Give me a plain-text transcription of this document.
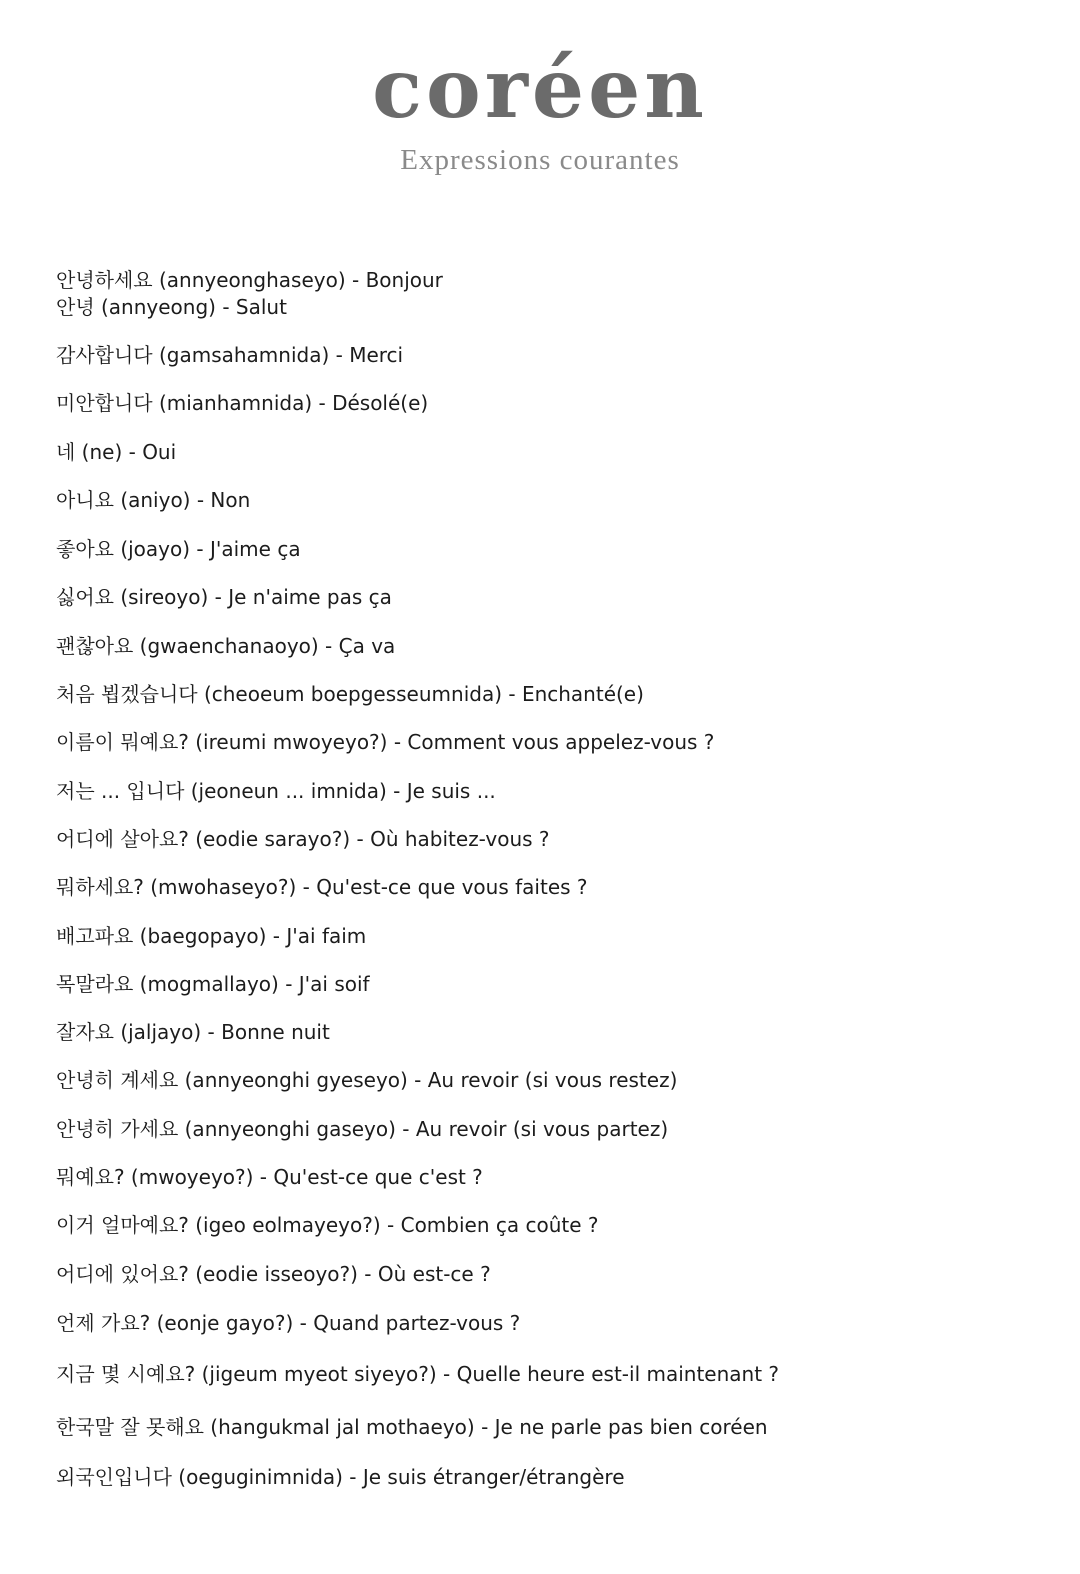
coréen
Expressions courantes
안녕하세요 (annyeonghaseyo) - Bonjour
안녕 (annyeong) - Salut
감사합니다 (gamsahamnida) - Merci
미안합니다 (mianhamnida) - Désolé(e)
네 (ne) - Oui
아니요 (aniyo) - Non
좋아요 (joayo) - J'aime ça
싫어요 (sireoyo) - Je n'aime pas ça
괜찮아요 (gwaenchanaoyo) - Ça va
처음 뵙겠습니다 (cheoeum boepgesseumnida) - Enchanté(e)
이름이 뭐예요? (ireumi mwoyeyo?) - Comment vous appelez-vous ?
저는 ... 입니다 (jeoneun ... imnida) - Je suis ...
어디에 살아요? (eodie sarayo?) - Où habitez-vous ?
뭐하세요? (mwohaseyo?) - Qu'est-ce que vous faites ?
배고파요 (baegopayo) - J'ai faim
목말라요 (mogmallayo) - J'ai soif
잘자요 (jaljayo) - Bonne nuit
안녕히 계세요 (annyeonghi gyeseyo) - Au revoir (si vous restez)
안녕히 가세요 (annyeonghi gaseyo) - Au revoir (si vous partez)
뭐예요? (mwoyeyo?) - Qu'est-ce que c'est ?
이거 얼마예요? (igeo eolmayeyo?) - Combien ça coûte ?
어디에 있어요? (eodie isseoyo?) - Où est-ce ?
언제 가요? (eonje gayo?) - Quand partez-vous ?
지금 몇 시예요? (jigeum myeot siyeyo?) - Quelle heure est-il maintenant ?
한국말 잘 못해요 (hangukmal jal mothaeyo) - Je ne parle pas bien coréen
외국인입니다 (oeguginimnida) - Je suis étranger/étrangère
